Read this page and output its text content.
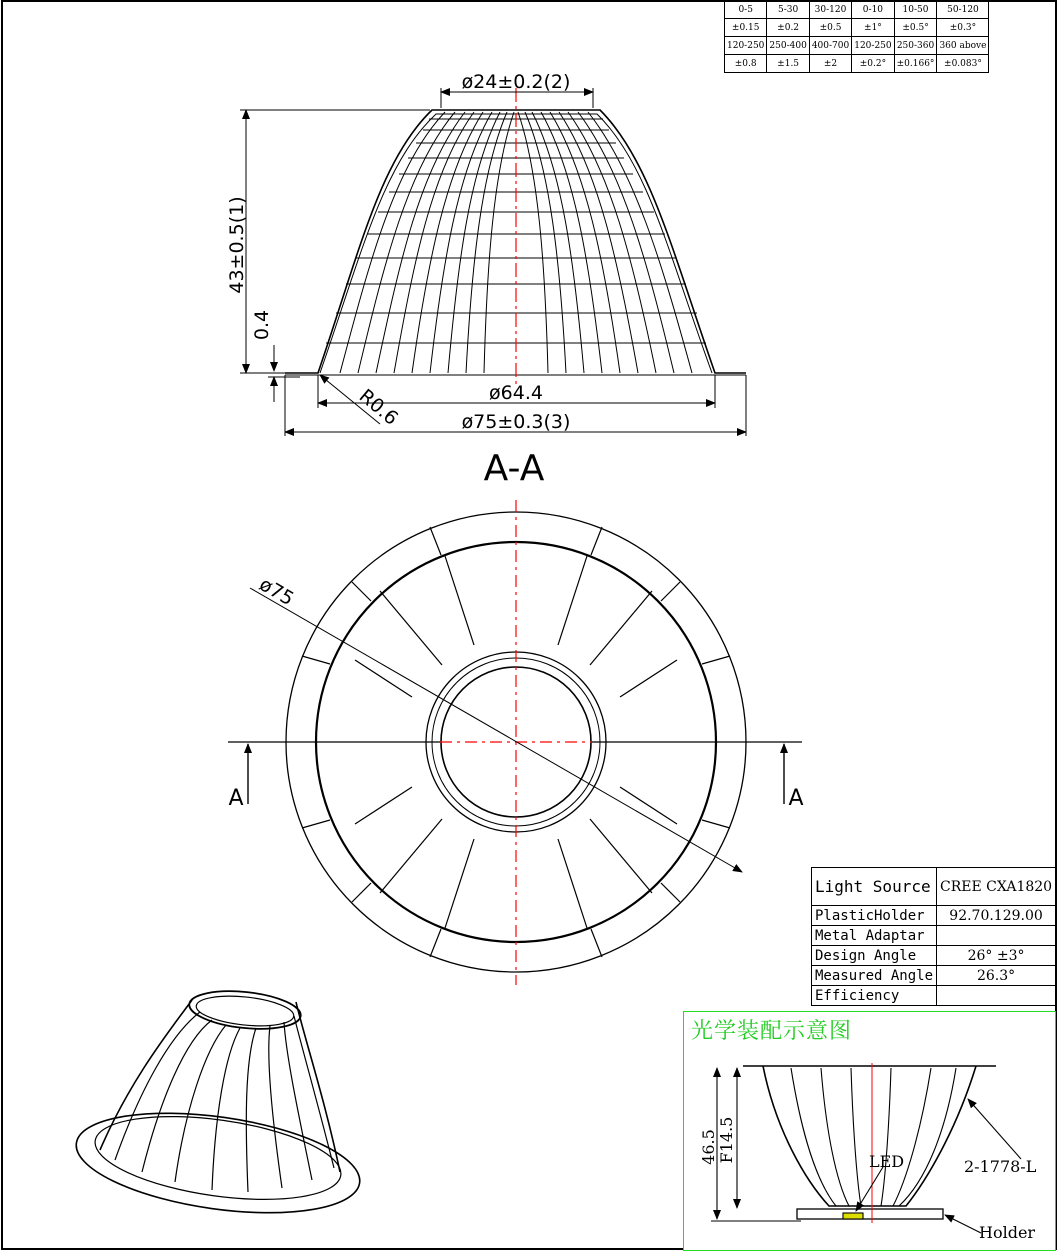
ø24±0.2(2)
43±0.5(1)
0.4
R0.6	ø64.4
ø75±0.3(3)
A-A
ø75
A	A
0-5	5-30	30-120	0-10	10-50	50-120
±0.15	±0.2	±0.5	±1°	±0.5°	±0.3°
120-250	250-400	400-700	120-250	250-360	360 above
±0.8	±1.5	±2	±0.2°	±0.166°	±0.083°
Light Source	CREE CXA1820
PlasticHolder	92.70.129.00
Metal Adaptar	
Design Angle	26° ±3°
Measured Angle	26.3°
Efficiency	
光学装配示意图
46.5 F14.5	LED	2-1778-L
Holder
